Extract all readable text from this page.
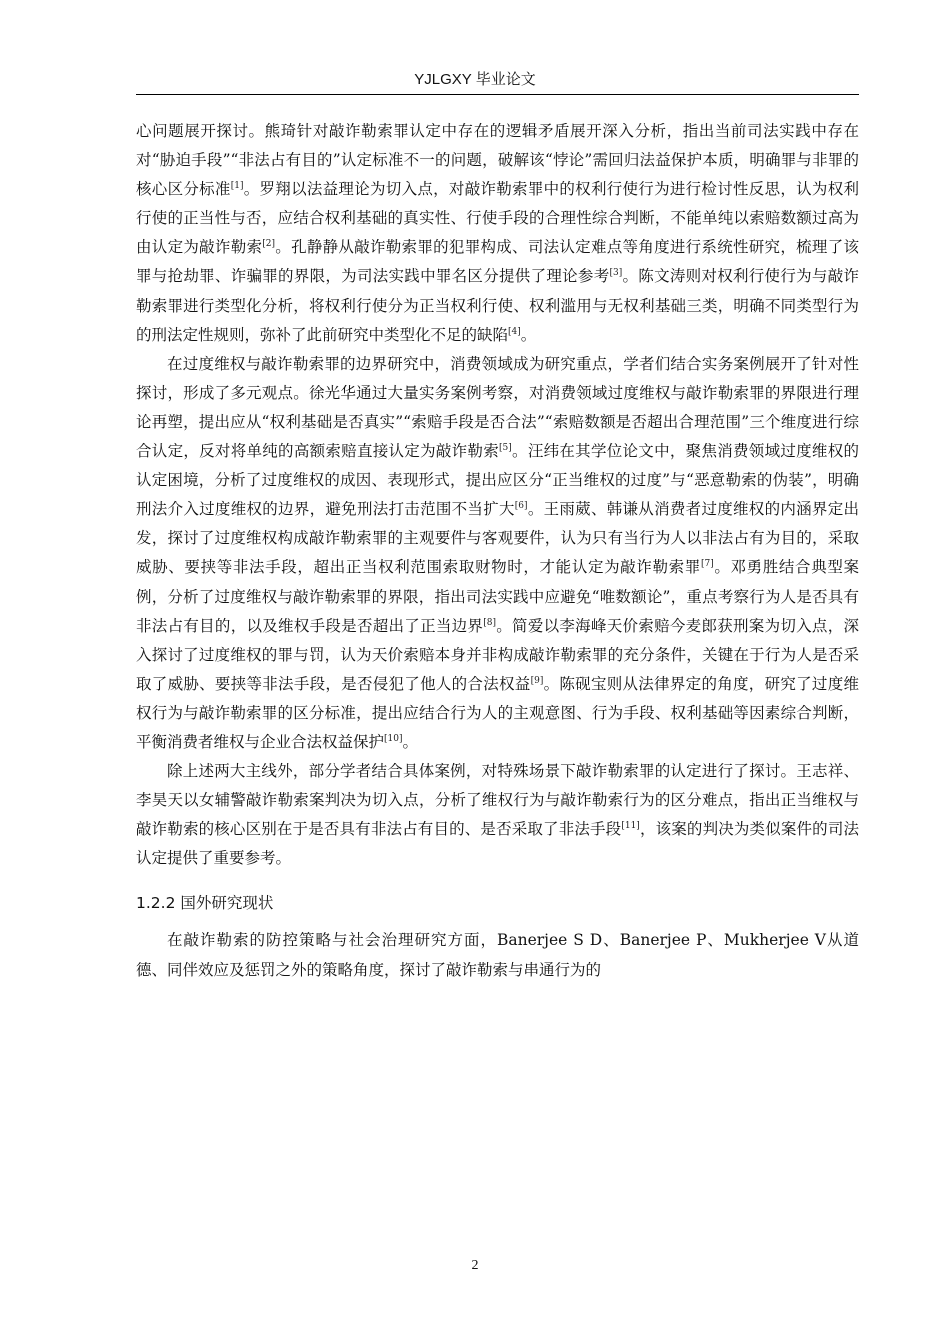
YJLGXY 毕业论文

心问题展开探讨。熊琦针对敲诈勒索罪认定中存在的逻辑矛盾展开深入分析，指出当前司法实践中存在对“胁迫手段”“非法占有目的”认定标准不一的问题，破解该“悖论”需回归法益保护本质，明确罪与非罪的核心区分标准[1]。罗翔以法益理论为切入点，对敲诈勒索罪中的权利行使行为进行检讨性反思，认为权利行使的正当性与否，应结合权利基础的真实性、行使手段的合理性综合判断，不能单纯以索赔数额过高为由认定为敲诈勒索[2]。孔静静从敲诈勒索罪的犯罪构成、司法认定难点等角度进行系统性研究，梳理了该罪与抢劫罪、诈骗罪的界限，为司法实践中罪名区分提供了理论参考[3]。陈文涛则对权利行使行为与敲诈勒索罪进行类型化分析，将权利行使分为正当权利行使、权利滥用与无权利基础三类，明确不同类型行为的刑法定性规则，弥补了此前研究中类型化不足的缺陷[4]。

在过度维权与敲诈勒索罪的边界研究中，消费领域成为研究重点，学者们结合实务案例展开了针对性探讨，形成了多元观点。徐光华通过大量实务案例考察，对消费领域过度维权与敲诈勒索罪的界限进行理论再塑，提出应从“权利基础是否真实”“索赔手段是否合法”“索赔数额是否超出合理范围”三个维度进行综合认定，反对将单纯的高额索赔直接认定为敲诈勒索[5]。汪纬在其学位论文中，聚焦消费领域过度维权的认定困境，分析了过度维权的成因、表现形式，提出应区分“正当维权的过度”与“恶意勒索的伪装”，明确刑法介入过度维权的边界，避免刑法打击范围不当扩大[6]。王雨葳、韩谦从消费者过度维权的内涵界定出发，探讨了过度维权构成敲诈勒索罪的主观要件与客观要件，认为只有当行为人以非法占有为目的，采取威胁、要挟等非法手段，超出正当权利范围索取财物时，才能认定为敲诈勒索罪[7]。邓勇胜结合典型案例，分析了过度维权与敲诈勒索罪的界限，指出司法实践中应避免“唯数额论”，重点考察行为人是否具有非法占有目的，以及维权手段是否超出了正当边界[8]。简爱以李海峰天价索赔今麦郎获刑案为切入点，深入探讨了过度维权的罪与罚，认为天价索赔本身并非构成敲诈勒索罪的充分条件，关键在于行为人是否采取了威胁、要挟等非法手段，是否侵犯了他人的合法权益[9]。陈砚宝则从法律界定的角度，研究了过度维权行为与敲诈勒索罪的区分标准，提出应结合行为人的主观意图、行为手段、权利基础等因素综合判断，平衡消费者维权与企业合法权益保护[10]。

除上述两大主线外，部分学者结合具体案例，对特殊场景下敲诈勒索罪的认定进行了探讨。王志祥、李昊天以女辅警敲诈勒索案判决为切入点，分析了维权行为与敲诈勒索行为的区分难点，指出正当维权与敲诈勒索的核心区别在于是否具有非法占有目的、是否采取了非法手段[11]，该案的判决为类似案件的司法认定提供了重要参考。

1.2.2 国外研究现状

在敲诈勒索的防控策略与社会治理研究方面，Banerjee S D、Banerjee P、Mukherjee V从道德、同伴效应及惩罚之外的策略角度，探讨了敲诈勒索与串通行为的

2
